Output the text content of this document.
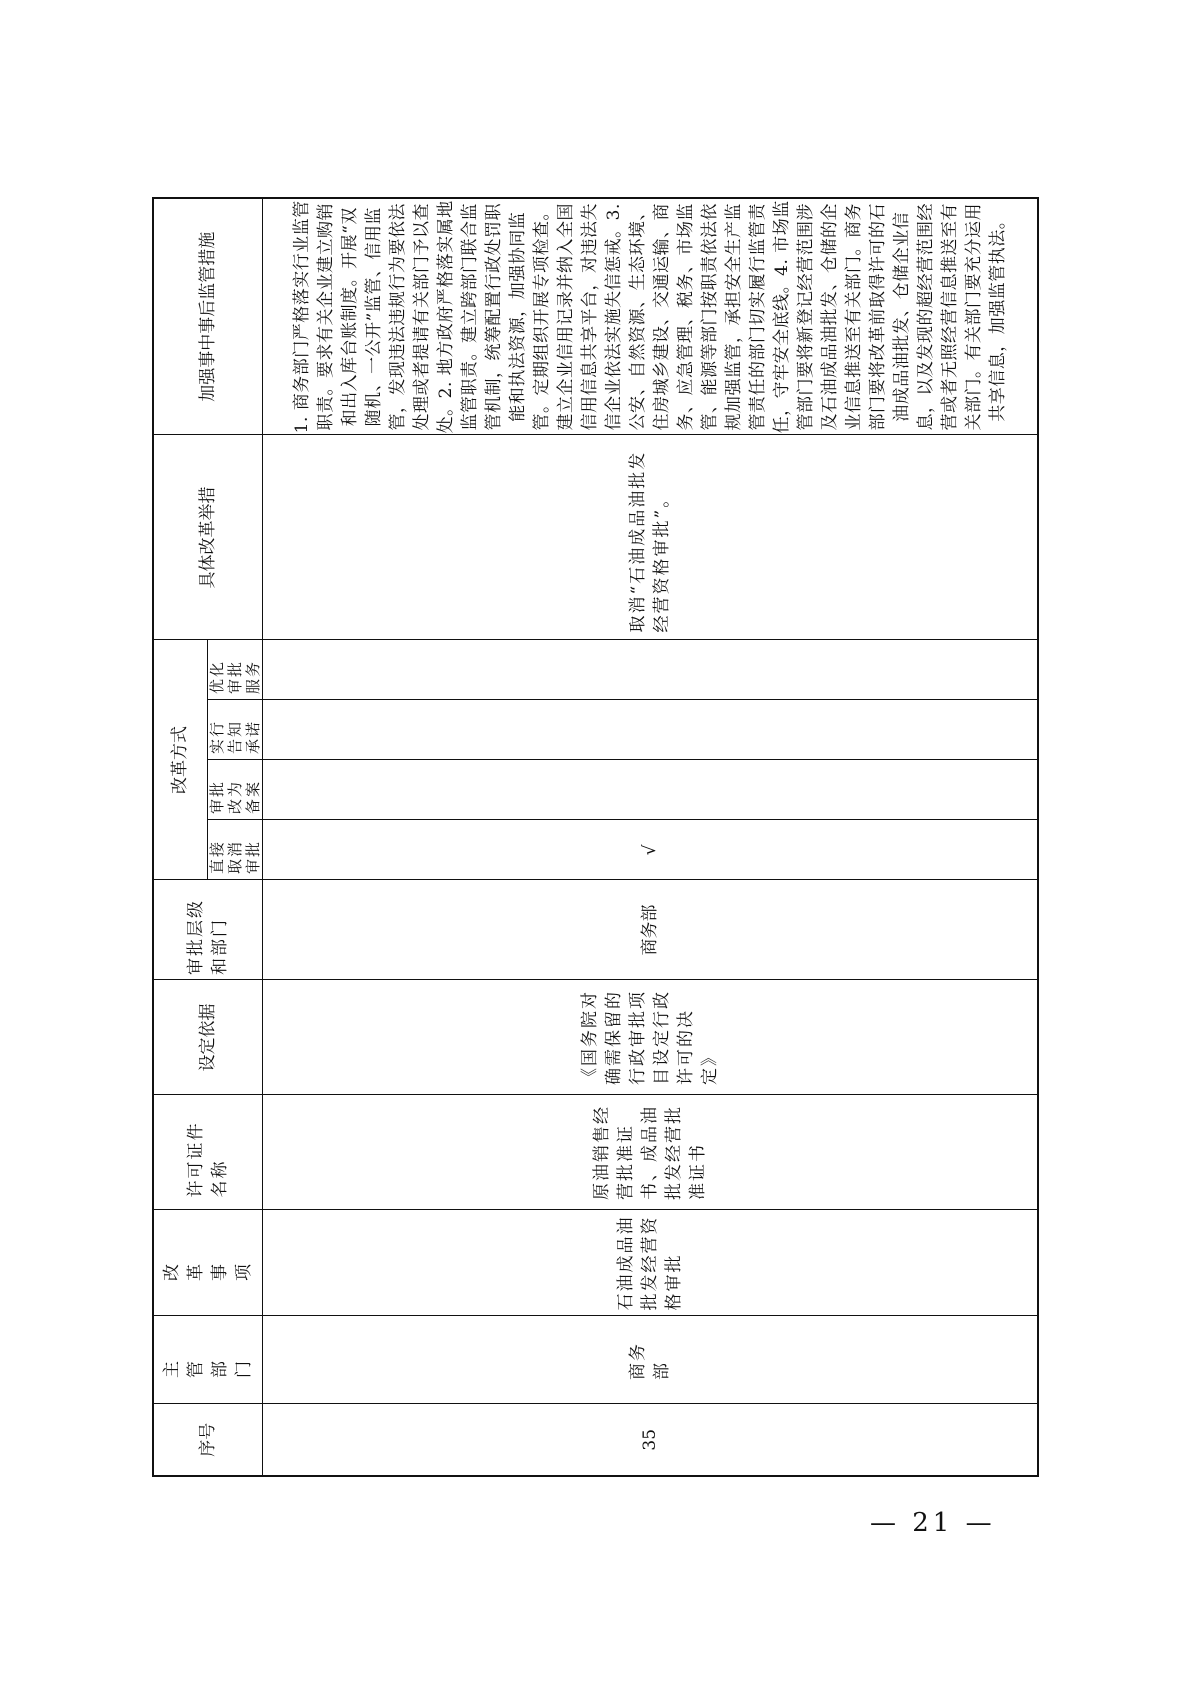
序号	主管部门	改革事项	许可证件名称	设定依据	审批层级和部门	改革方式				具体改革举措	加强事中事后监管措施
						直接取消审批	审批改为备案	实行告知承诺	优化审批服务		
35	商务部	石油成品油批发经营资格审批	原油销售经营批准证书、成品油批发经营批准证书	《国务院对确需保留的行政审批项目设定行政许可的决定》	商务部	√				取消“石油成品油批发经营资格审批”。	1. 商务部门严格落实行业监管职责。要求有关企业建立购销和出入库台账制度。开展“双随机、一公开”监管、信用监管，发现违法违规行为要依法处理或者提请有关部门予以查处。2. 地方政府严格落实属地监管职责。建立跨部门联合监管机制，统筹配置行政处罚职能和执法资源，加强协同监管。定期组织开展专项检查。建立企业信用记录并纳入全国信用信息共享平台，对违法失信企业依法实施失信惩戒。3. 公安、自然资源、生态环境、住房城乡建设、交通运输、商务、应急管理、税务、市场监管、能源等部门按职责依法依规加强监管，承担安全生产监管责任的部门切实履行监管责任，守牢安全底线。4. 市场监管部门要将新登记经营范围涉及石油成品油批发、仓储的企业信息推送至有关部门。商务部门要将改革前取得许可的石油成品油批发、仓储企业信息，以及发现的超经营范围经营或者无照经营信息推送至有关部门。有关部门要充分运用共享信息，加强监管执法。
— 21 —
